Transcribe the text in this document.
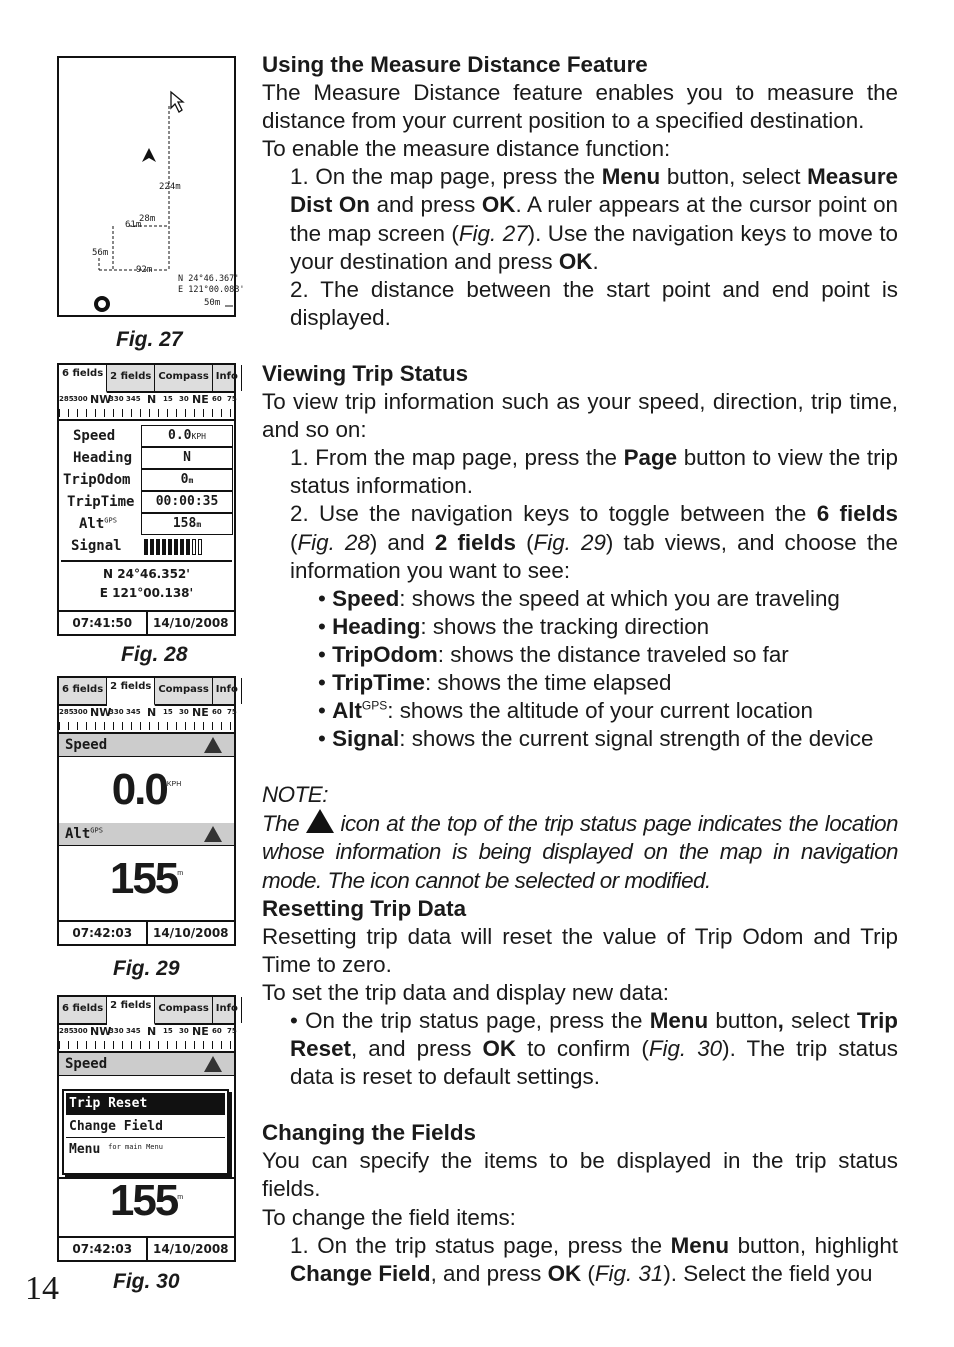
224m
61m
28m
56m
92m
N 24°46.367'
E 121°00.088'
50m
Fig. 27
6 fields 2 fields Compass Info
285 300 NW
330 345 N 15 30 NE 60 75
Speed	0.0KPH
Heading	N
TripOdom	0m
TripTime	00:00:35
Alt$^{GPS}$	158m
Signal
N 24°46.352'
E 121°00.138'
07:41:50	14/10/2008
Fig. 28
6 fields 2 fields Compass Info
285 300 NW
330 345 N 15 30 NE 60 75
Speed
$0.0^{KPH}$
Alt$^{GPS}$
155$^m$
07:42:03	14/10/2008
Fig. 29
6 fields 2 fields Compass Info
285 300 NW
330 345 N 15 30 NE 60 75
Speed
Trip Reset
Change Field
Menu $^{for main Menu}$
155$^m$
07:42:03	14/10/2008
Fig. 30
14

Using the Measure Distance Feature

The Measure Distance feature enables you to measure the distance from your current position to a specified destination.

To enable the measure distance function:

1. On the map page, press the Menu button, select Measure Dist On and press OK. A ruler appears at the cursor point on the map screen (Fig. 27). Use the navigation keys to move to your destination and press OK.

2. The distance between the start point and end point is displayed.

Viewing Trip Status

To view trip information such as your speed, direction, trip time, and so on:

1. From the map page, press the Page button to view the trip status information.

2. Use the navigation keys to toggle between the 6 fields (Fig. 28) and 2 fields (Fig. 29) tab views, and choose the information you want to see:

• Speed: shows the speed at which you are traveling

• Heading: shows the tracking direction

• TripOdom: shows the distance traveled so far

• TripTime: shows the time elapsed

• Alt$^{GPS}$: shows the altitude of your current location

• Signal: shows the current signal strength of the device

NOTE:

The  icon at the top of the trip status page indicates the location whose information is being displayed on the map in navigation mode. The icon cannot be selected or modified.

Resetting Trip Data

Resetting trip data will reset the value of Trip Odom and Trip Time to zero.

To set the trip data and display new data:

• On the trip status page, press the Menu button, select Trip Reset, and press OK to confirm (Fig. 30). The trip status data is reset to default settings.

Changing the Fields

You can specify the items to be displayed in the trip status fields.

To change the field items:

1. On the trip status page, press the Menu button, highlight Change Field, and press OK (Fig. 31). Select the field you
